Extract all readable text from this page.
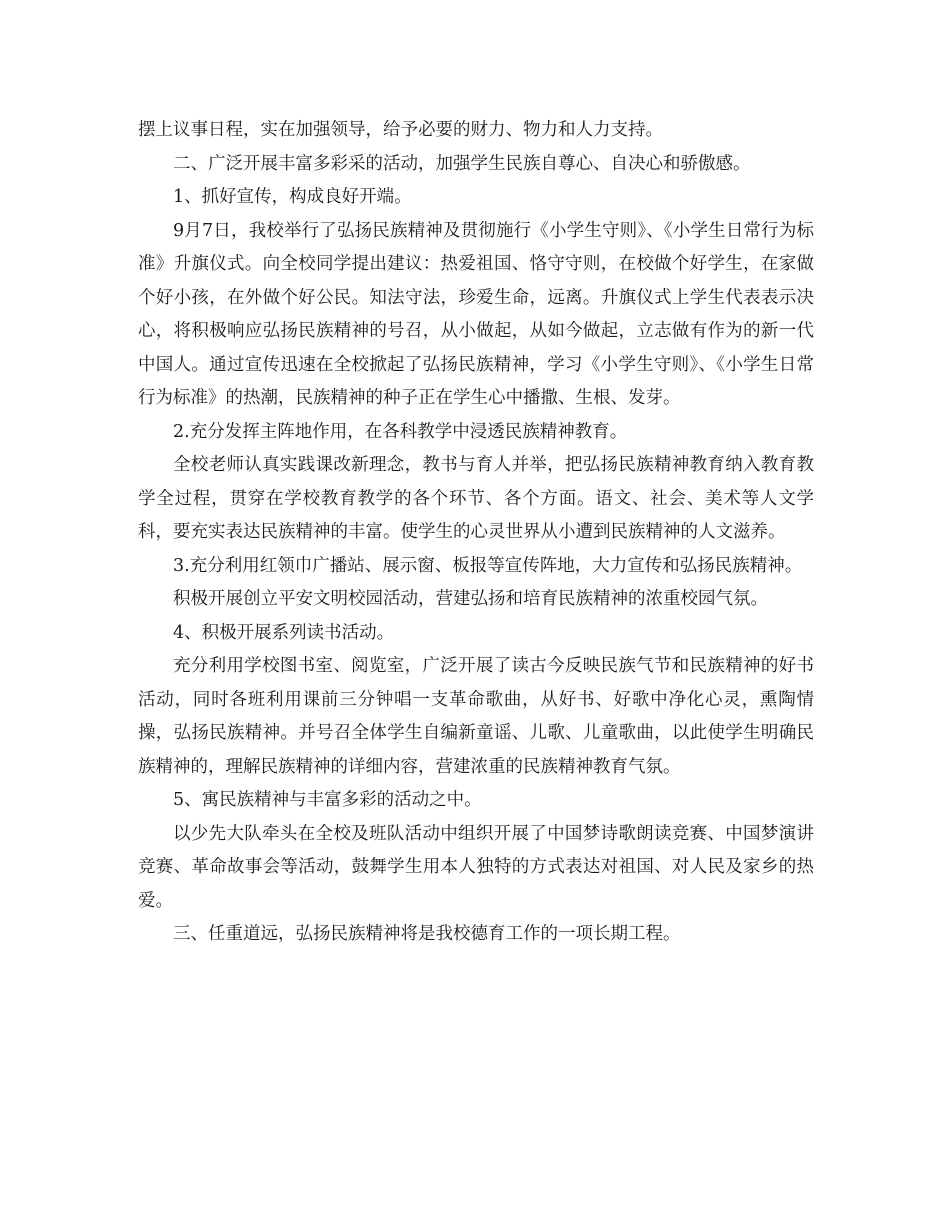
摆上议事日程，实在加强领导，给予必要的财力、物力和人力支持。

二、广泛开展丰富多彩采的活动，加强学生民族自尊心、自决心和骄傲感。

1、抓好宣传，构成良好开端。

9月7日，我校举行了弘扬民族精神及贯彻施行《小学生守则》、《小学生日常行为标准》升旗仪式。向全校同学提出建议：热爱祖国、恪守守则，在校做个好学生，在家做个好小孩，在外做个好公民。知法守法，珍爱生命，远离。升旗仪式上学生代表表示决心，将积极响应弘扬民族精神的号召，从小做起，从如今做起，立志做有作为的新一代中国人。通过宣传迅速在全校掀起了弘扬民族精神，学习《小学生守则》、《小学生日常行为标准》的热潮，民族精神的种子正在学生心中播撒、生根、发芽。

2.充分发挥主阵地作用，在各科教学中浸透民族精神教育。

全校老师认真实践课改新理念，教书与育人并举，把弘扬民族精神教育纳入教育教学全过程，贯穿在学校教育教学的各个环节、各个方面。语文、社会、美术等人文学科，要充实表达民族精神的丰富。使学生的心灵世界从小遭到民族精神的人文滋养。

3.充分利用红领巾广播站、展示窗、板报等宣传阵地，大力宣传和弘扬民族精神。

积极开展创立平安文明校园活动，营建弘扬和培育民族精神的浓重校园气氛。

4、积极开展系列读书活动。

充分利用学校图书室、阅览室，广泛开展了读古今反映民族气节和民族精神的好书活动，同时各班利用课前三分钟唱一支革命歌曲，从好书、好歌中净化心灵，熏陶情操，弘扬民族精神。并号召全体学生自编新童谣、儿歌、儿童歌曲，以此使学生明确民族精神的，理解民族精神的详细内容，营建浓重的民族精神教育气氛。

5、寓民族精神与丰富多彩的活动之中。

以少先大队牵头在全校及班队活动中组织开展了中国梦诗歌朗读竞赛、中国梦演讲竞赛、革命故事会等活动，鼓舞学生用本人独特的方式表达对祖国、对人民及家乡的热爱。

三、任重道远，弘扬民族精神将是我校德育工作的一项长期工程。
